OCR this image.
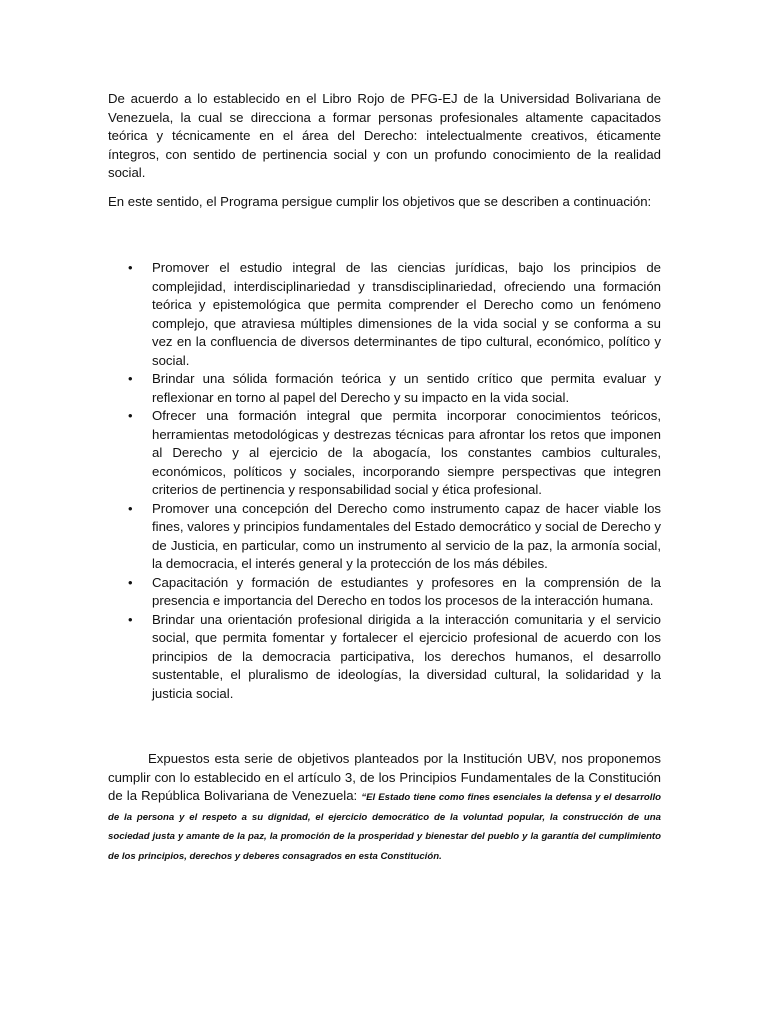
De acuerdo a lo establecido en el Libro Rojo de PFG-EJ de la Universidad Bolivariana de Venezuela, la cual se direcciona a formar personas profesionales altamente capacitados teórica y técnicamente en el área del Derecho: intelectualmente creativos, éticamente íntegros, con sentido de pertinencia social y con un profundo conocimiento de la realidad social.

En este sentido, el Programa persigue cumplir los objetivos que se describen a continuación:

• Promover el estudio integral de las ciencias jurídicas, bajo los principios de complejidad, interdisciplinariedad y transdisciplinariedad, ofreciendo una formación teórica y epistemológica que permita comprender el Derecho como un fenómeno complejo, que atraviesa múltiples dimensiones de la vida social y se conforma a su vez en la confluencia de diversos determinantes de tipo cultural, económico, político y social.
• Brindar una sólida formación teórica y un sentido crítico que permita evaluar y reflexionar en torno al papel del Derecho y su impacto en la vida social.
• Ofrecer una formación integral que permita incorporar conocimientos teóricos, herramientas metodológicas y destrezas técnicas para afrontar los retos que imponen al Derecho y al ejercicio de la abogacía, los constantes cambios culturales, económicos, políticos y sociales, incorporando siempre perspectivas que integren criterios de pertinencia y responsabilidad social y ética profesional.
• Promover una concepción del Derecho como instrumento capaz de hacer viable los fines, valores y principios fundamentales del Estado democrático y social de Derecho y de Justicia, en particular, como un instrumento al servicio de la paz, la armonía social, la democracia, el interés general y la protección de los más débiles.
• Capacitación y formación de estudiantes y profesores en la comprensión de la presencia e importancia del Derecho en todos los procesos de la interacción humana.
• Brindar una orientación profesional dirigida a la interacción comunitaria y el servicio social, que permita fomentar y fortalecer el ejercicio profesional de acuerdo con los principios de la democracia participativa, los derechos humanos, el desarrollo sustentable, el pluralismo de ideologías, la diversidad cultural, la solidaridad y la justicia social.

Expuestos esta serie de objetivos planteados por la Institución UBV, nos proponemos cumplir con lo establecido en el artículo 3, de los Principios Fundamentales de la Constitución de la República Bolivariana de Venezuela: “El Estado tiene como fines esenciales la defensa y el desarrollo de la persona y el respeto a su dignidad, el ejercicio democrático de la voluntad popular, la construcción de una sociedad justa y amante de la paz, la promoción de la prosperidad y bienestar del pueblo y la garantía del cumplimiento de los principios, derechos y deberes consagrados en esta Constitución.
